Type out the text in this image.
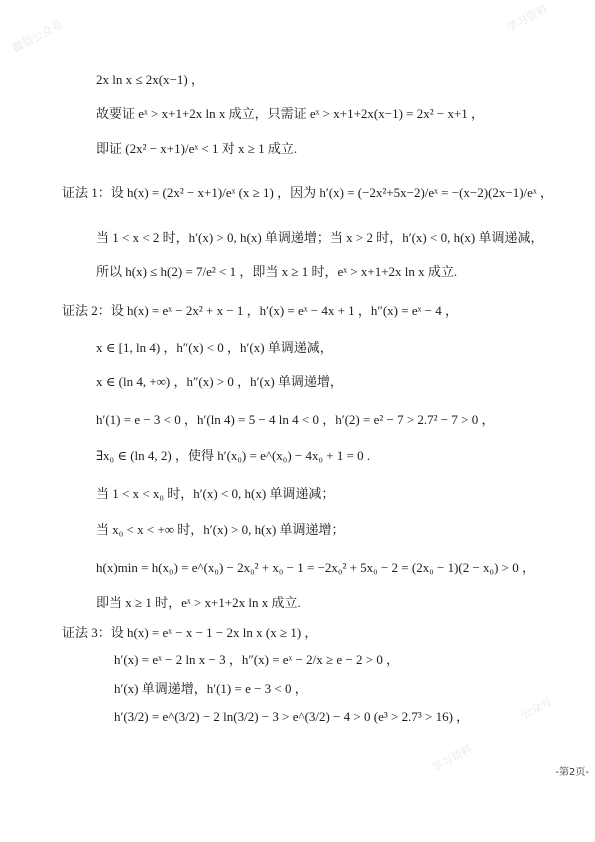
微信公众号	学习资料
公众号
学习资料
2x ln x ≤ 2x(x−1) ，
故要证 eˣ > x+1+2x ln x 成立，只需证 eˣ > x+1+2x(x−1) = 2x² − x+1 ，
即证 (2x² − x+1)/eˣ < 1 对 x ≥ 1 成立.
证法 1：设 h(x) = (2x² − x+1)/eˣ (x ≥ 1) ，因为 h′(x) = (−2x²+5x−2)/eˣ = −(x−2)(2x−1)/eˣ ，
当 1 < x < 2 时，h′(x) > 0, h(x) 单调递增；当 x > 2 时，h′(x) < 0, h(x) 单调递减，
所以 h(x) ≤ h(2) = 7/e² < 1 ，即当 x ≥ 1 时，eˣ > x+1+2x ln x 成立.
证法 2：设 h(x) = eˣ − 2x² + x − 1 ，h′(x) = eˣ − 4x + 1 ，h″(x) = eˣ − 4 ，
x ∈ [1, ln 4) ，h″(x) < 0 ，h′(x) 单调递减，
x ∈ (ln 4, +∞) ，h″(x) > 0 ，h′(x) 单调递增，
h′(1) = e − 3 < 0 ，h′(ln 4) = 5 − 4 ln 4 < 0 ，h′(2) = e² − 7 > 2.7² − 7 > 0 ，
∃x₀ ∈ (ln 4, 2) ，使得 h′(x₀) = e^(x₀) − 4x₀ + 1 = 0 .
当 1 < x < x₀ 时，h′(x) < 0, h(x) 单调递减；
当 x₀ < x < +∞ 时，h′(x) > 0, h(x) 单调递增；
h(x)min = h(x₀) = e^(x₀) − 2x₀² + x₀ − 1 = −2x₀² + 5x₀ − 2 = (2x₀ − 1)(2 − x₀) > 0 ，
即当 x ≥ 1 时，eˣ > x+1+2x ln x 成立.
证法 3：设 h(x) = eˣ − x − 1 − 2x ln x (x ≥ 1) ，
h′(x) = eˣ − 2 ln x − 3 ，h″(x) = eˣ − 2/x ≥ e − 2 > 0 ，
h′(x) 单调递增，h′(1) = e − 3 < 0 ，
h′(3/2) = e^(3/2) − 2 ln(3/2) − 3 > e^(3/2) − 4 > 0 (e³ > 2.7³ > 16) ，
-第2页-
